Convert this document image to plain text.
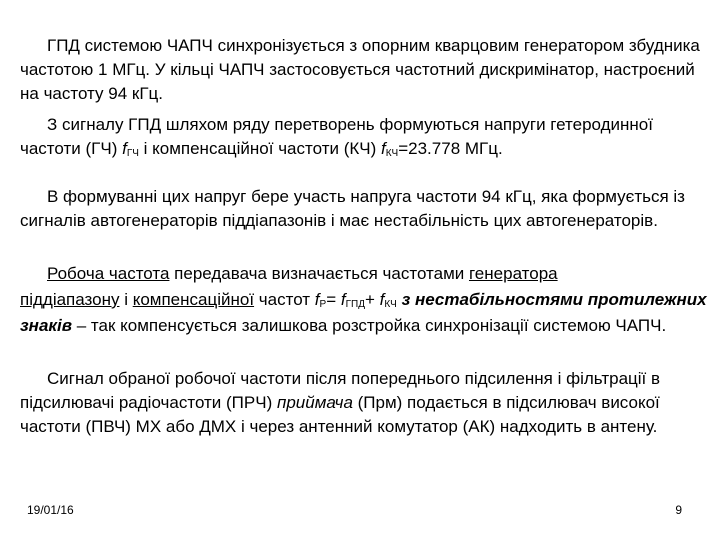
ГПД системою ЧАПЧ синхронізується з опорним кварцовим генератором збудника частотою 1 МГц. У кільці ЧАПЧ застосовується частотний дискримінатор, настроєний на частоту 94 кГц.

З сигналу ГПД шляхом ряду перетворень формуються напруги гетеродинної частоти (ГЧ) $f_{ГЧ}$ і компенсаційної частоти (КЧ) $f_{КЧ}=23.778$ МГц.

В формуванні цих напруг бере участь напруга частоти 94 кГц, яка формується із сигналів автогенераторів піддіапазонів і має нестабільність цих автогенераторів.

Робоча частота передавача визначається частотами генератора
піддіапазону і компенсаційної частот $f_Р= f_{ГПД}+ f_{КЧ}$ з нестабільностями протилежних знаків – так компенсується залишкова розстройка синхронізації системою ЧАПЧ.

Сигнал обраної робочої частоти після попереднього підсилення і фільтрації в підсилювачі радіочастоти (ПРЧ) приймача (Прм) подається в підсилювач високої частоти (ПВЧ) МХ або ДМХ і через антенний комутатор (АК) надходить в антену.

19/01/16	9
